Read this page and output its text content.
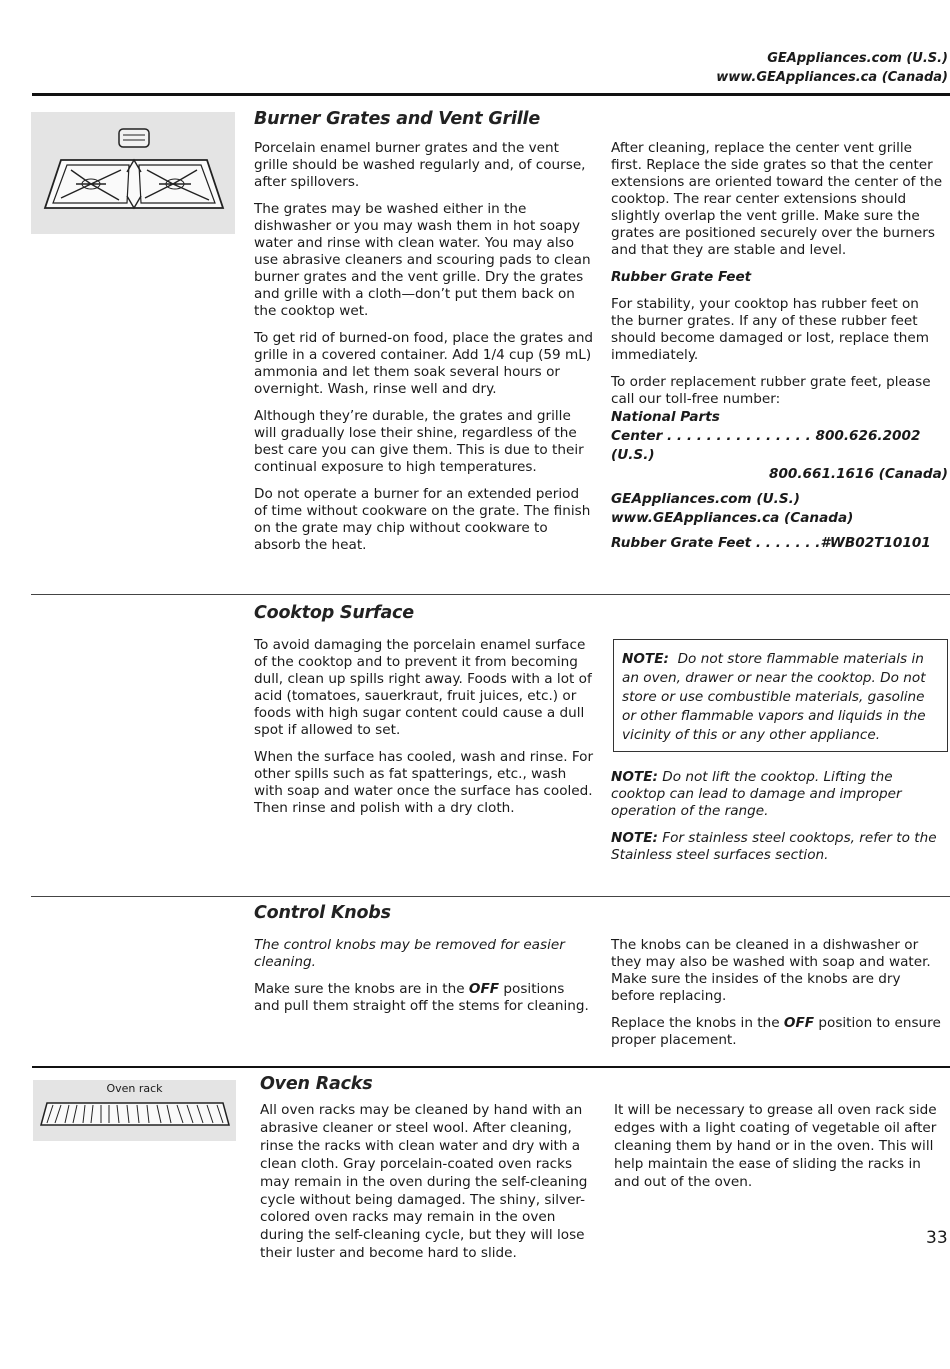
GEAppliances.com (U.S.)
www.GEAppliances.ca (Canada)
Burner Grates and Vent Grille

Porcelain enamel burner grates and the vent grille should be washed regularly and, of course, after spillovers.

The grates may be washed either in the dishwasher or you may wash them in hot soapy water and rinse with clean water. You may also use abrasive cleaners and scouring pads to clean burner grates and the vent grille. Dry the grates and grille with a cloth—don’t put them back on the cooktop wet.

To get rid of burned-on food, place the grates and grille in a covered container. Add 1/4 cup (59 mL) ammonia and let them soak several hours or overnight. Wash, rinse well and dry.

Although they’re durable, the grates and grille will gradually lose their shine, regardless of the best care you can give them. This is due to their continual exposure to high temperatures.

Do not operate a burner for an extended period of time without cookware on the grate. The finish on the grate may chip without cookware to absorb the heat.

After cleaning, replace the center vent grille first. Replace the side grates so that the center extensions are oriented toward the center of the cooktop. The rear center extensions should slightly overlap the vent grille. Make sure the grates are positioned securely over the burners and that they are stable and level.

Rubber Grate Feet

For stability, your cooktop has rubber feet on the burner grates. If any of these rubber feet should become damaged or lost, replace them immediately.

To order replacement rubber grate feet, please call our toll-free number:

National Parts
Center . . . . . . . . . . . . . . . 800.626.2002 (U.S.)
800.661.1616 (Canada)
GEAppliances.com (U.S.)
www.GEAppliances.ca (Canada)
Rubber Grate Feet . . . . . . .#WB02T10101
Cooktop Surface

To avoid damaging the porcelain enamel surface of the cooktop and to prevent it from becoming dull, clean up spills right away. Foods with a lot of acid (tomatoes, sauerkraut, fruit juices, etc.) or foods with high sugar content could cause a dull spot if allowed to set.

When the surface has cooled, wash and rinse. For other spills such as fat spatterings, etc., wash with soap and water once the surface has cooled. Then rinse and polish with a dry cloth.

NOTE: Do not store flammable materials in an oven, drawer or near the cooktop. Do not store or use combustible materials, gasoline or other flammable vapors and liquids in the vicinity of this or any other appliance.

NOTE: Do not lift the cooktop. Lifting the cooktop can lead to damage and improper operation of the range.

NOTE: For stainless steel cooktops, refer to the Stainless steel surfaces section.

Control Knobs

The control knobs may be removed for easier cleaning.

Make sure the knobs are in the OFF positions and pull them straight off the stems for cleaning.

The knobs can be cleaned in a dishwasher or they may also be washed with soap and water. Make sure the insides of the knobs are dry before replacing.

Replace the knobs in the OFF position to ensure proper placement.

Oven rack	Oven Racks

All oven racks may be cleaned by hand with an abrasive cleaner or steel wool. After cleaning, rinse the racks with clean water and dry with a clean cloth. Gray porcelain-coated oven racks may remain in the oven during the self-cleaning cycle without being damaged. The shiny, silver-colored oven racks may remain in the oven during the self-cleaning cycle, but they will lose their luster and become hard to slide.

It will be necessary to grease all oven rack side edges with a light coating of vegetable oil after cleaning them by hand or in the oven. This will help maintain the ease of sliding the racks in and out of the oven.

33
